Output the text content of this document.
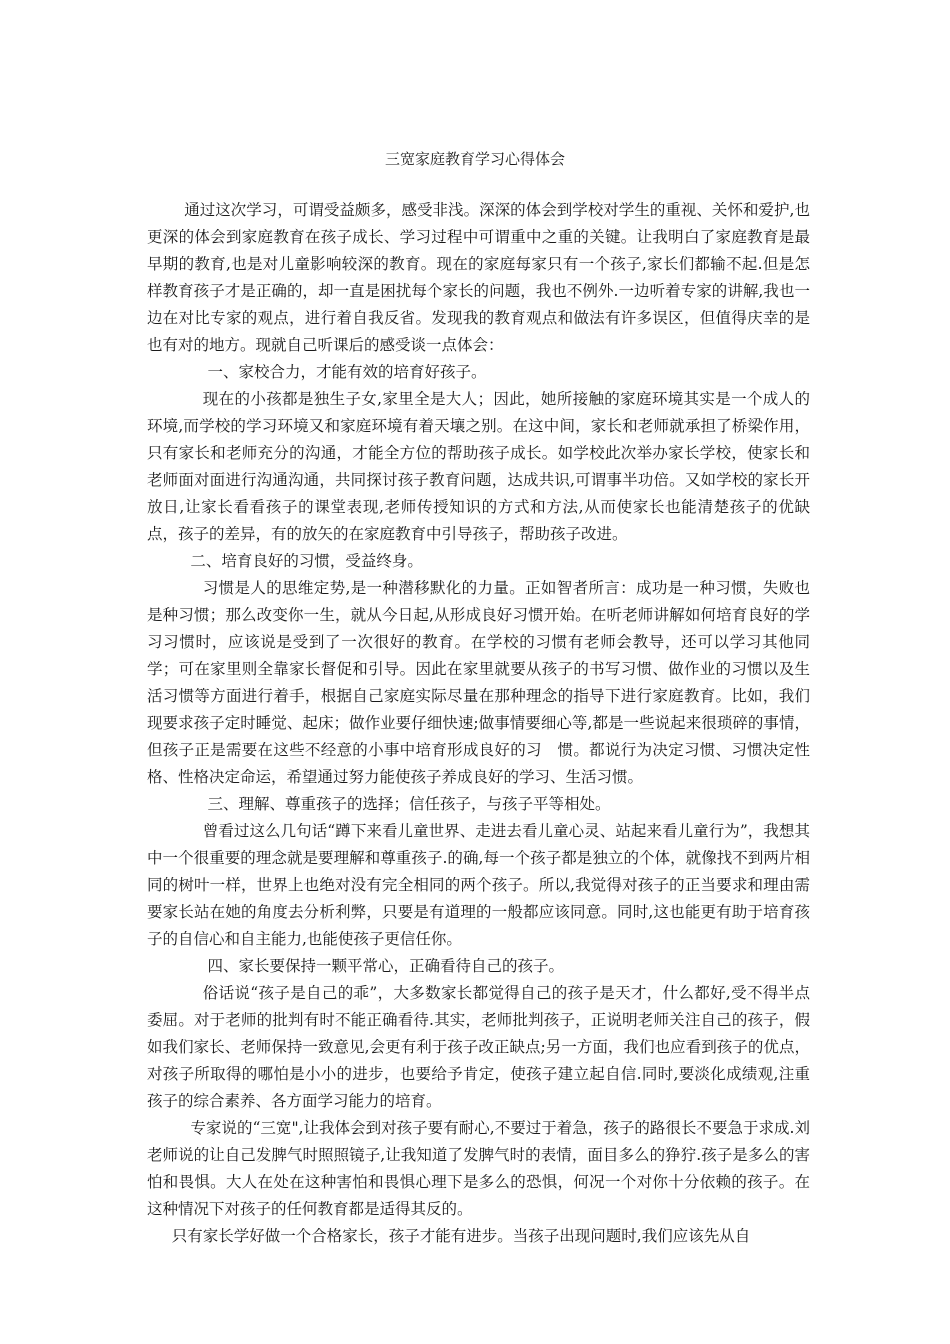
三宽家庭教育学习心得体会

通过这次学习，可谓受益颇多，感受非浅。深深的体会到学校对学生的重视、关怀和爱护,也更深的体会到家庭教育在孩子成长、学习过程中可谓重中之重的关键。让我明白了家庭教育是最早期的教育,也是对儿童影响较深的教育。现在的家庭每家只有一个孩子,家长们都输不起.但是怎样教育孩子才是正确的，却一直是困扰每个家长的问题，我也不例外.一边听着专家的讲解,我也一边在对比专家的观点，进行着自我反省。发现我的教育观点和做法有许多误区，但值得庆幸的是也有对的地方。现就自己听课后的感受谈一点体会：

一、家校合力，才能有效的培育好孩子。

现在的小孩都是独生子女,家里全是大人；因此，她所接触的家庭环境其实是一个成人的环境,而学校的学习环境又和家庭环境有着天壤之别。在这中间，家长和老师就承担了桥梁作用，只有家长和老师充分的沟通，才能全方位的帮助孩子成长。如学校此次举办家长学校，使家长和老师面对面进行沟通沟通，共同探讨孩子教育问题，达成共识,可谓事半功倍。又如学校的家长开放日,让家长看看孩子的课堂表现,老师传授知识的方式和方法,从而使家长也能清楚孩子的优缺点，孩子的差异，有的放矢的在家庭教育中引导孩子，帮助孩子改进。

二、培育良好的习惯，受益终身。

习惯是人的思维定势,是一种潜移默化的力量。正如智者所言：成功是一种习惯，失败也是种习惯；那么改变你一生，就从今日起,从形成良好习惯开始。在听老师讲解如何培育良好的学习习惯时，应该说是受到了一次很好的教育。在学校的习惯有老师会教导，还可以学习其他同学；可在家里则全靠家长督促和引导。因此在家里就要从孩子的书写习惯、做作业的习惯以及生活习惯等方面进行着手，根据自己家庭实际尽量在那种理念的指导下进行家庭教育。比如，我们现要求孩子定时睡觉、起床；做作业要仔细快速;做事情要细心等,都是一些说起来很琐碎的事情，但孩子正是需要在这些不经意的小事中培育形成良好的习　惯。都说行为决定习惯、习惯决定性格、性格决定命运，希望通过努力能使孩子养成良好的学习、生活习惯。

三、理解、尊重孩子的选择；信任孩子，与孩子平等相处。

曾看过这么几句话“蹲下来看儿童世界、走进去看儿童心灵、站起来看儿童行为”，我想其中一个很重要的理念就是要理解和尊重孩子.的确,每一个孩子都是独立的个体，就像找不到两片相同的树叶一样，世界上也绝对没有完全相同的两个孩子。所以,我觉得对孩子的正当要求和理由需要家长站在她的角度去分析利弊，只要是有道理的一般都应该同意。同时,这也能更有助于培育孩子的自信心和自主能力,也能使孩子更信任你。

四、家长要保持一颗平常心，正确看待自己的孩子。

俗话说“孩子是自己的乖”，大多数家长都觉得自己的孩子是天才，什么都好,受不得半点委屈。对于老师的批判有时不能正确看待.其实，老师批判孩子，正说明老师关注自己的孩子，假如我们家长、老师保持一致意见,会更有利于孩子改正缺点;另一方面，我们也应看到孩子的优点，对孩子所取得的哪怕是小小的进步，也要给予肯定，使孩子建立起自信.同时,要淡化成绩观,注重孩子的综合素养、各方面学习能力的培育。

专家说的“三宽",让我体会到对孩子要有耐心,不要过于着急，孩子的路很长不要急于求成.刘老师说的让自己发脾气时照照镜子,让我知道了发脾气时的表情，面目多么的狰狞.孩子是多么的害怕和畏惧。大人在处在这种害怕和畏惧心理下是多么的恐惧，何况一个对你十分依赖的孩子。在这种情况下对孩子的任何教育都是适得其反的。

只有家长学好做一个合格家长，孩子才能有进步。当孩子出现问题时,我们应该先从自
